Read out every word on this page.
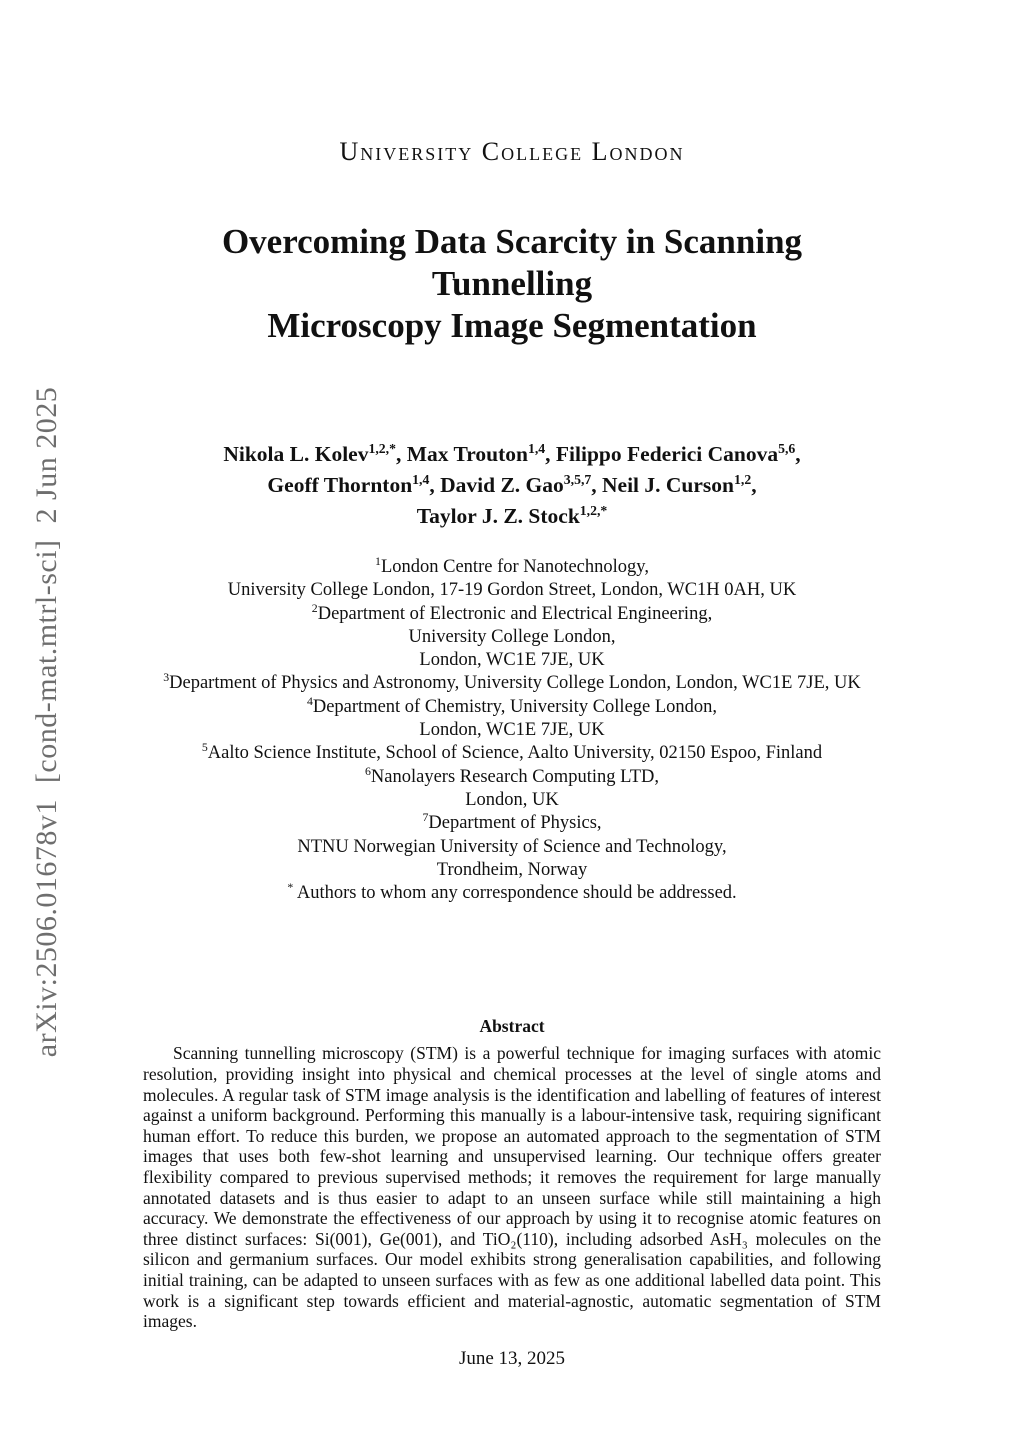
arXiv:2506.01678v1  [cond-mat.mtrl-sci]  2 Jun 2025
University College London
Overcoming Data Scarcity in Scanning Tunnelling
Microscopy Image Segmentation
Nikola L. Kolev$^{1,2,*}$, Max Trouton$^{1,4}$, Filippo Federici Canova$^{5,6}$,
Geoff Thornton$^{1,4}$, David Z. Gao$^{3,5,7}$, Neil J. Curson$^{1,2}$,
Taylor J. Z. Stock$^{1,2,*}$
$^1$London Centre for Nanotechnology,
University College London, 17-19 Gordon Street, London, WC1H 0AH, UK
$^2$Department of Electronic and Electrical Engineering,
University College London,
London, WC1E 7JE, UK
$^3$Department of Physics and Astronomy, University College London, London, WC1E 7JE, UK
$^4$Department of Chemistry, University College London,
London, WC1E 7JE, UK
$^5$Aalto Science Institute, School of Science, Aalto University, 02150 Espoo, Finland
$^6$Nanolayers Research Computing LTD,
London, UK
$^7$Department of Physics,
NTNU Norwegian University of Science and Technology,
Trondheim, Norway
* Authors to whom any correspondence should be addressed.
Abstract

Scanning tunnelling microscopy (STM) is a powerful technique for imaging surfaces with atomic resolution, providing insight into physical and chemical processes at the level of single atoms and molecules. A regular task of STM image analysis is the identification and labelling of features of interest against a uniform background. Performing this manually is a labour-intensive task, requiring significant human effort. To reduce this burden, we propose an automated approach to the segmentation of STM images that uses both few-shot learning and unsupervised learning. Our technique offers greater flexibility compared to previous supervised methods; it removes the requirement for large manually annotated datasets and is thus easier to adapt to an unseen surface while still maintaining a high accuracy. We demonstrate the effectiveness of our approach by using it to recognise atomic features on three distinct surfaces: Si(001), Ge(001), and TiO₂(110), including adsorbed AsH₃ molecules on the silicon and germanium surfaces. Our model exhibits strong generalisation capabilities, and following initial training, can be adapted to unseen surfaces with as few as one additional labelled data point. This work is a significant step towards efficient and material-agnostic, automatic segmentation of STM images.

June 13, 2025
